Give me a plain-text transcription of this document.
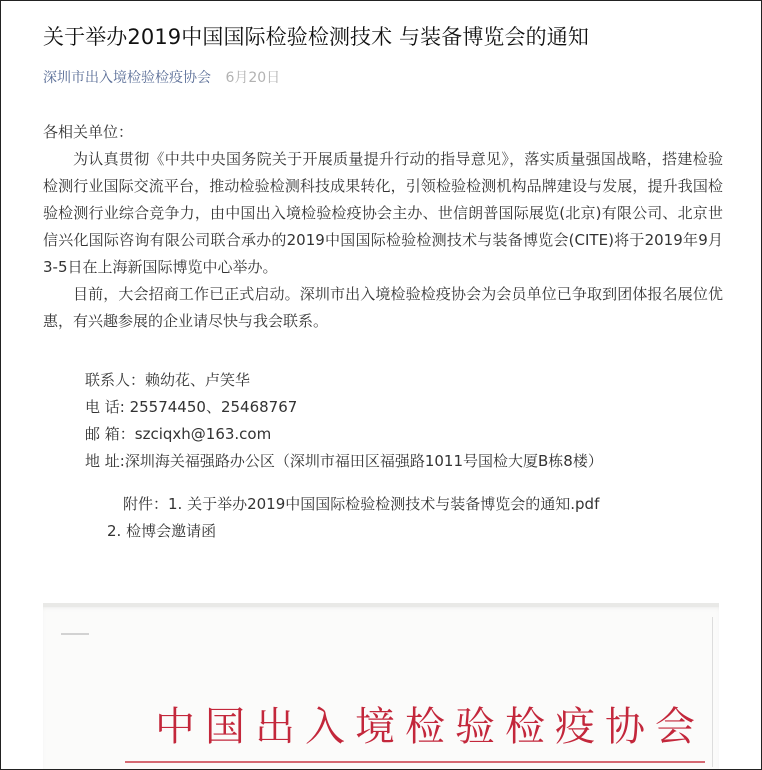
关于举办2019中国国际检验检测技术 与装备博览会的通知
深圳市出入境检验检疫协会 6月20日

各相关单位：

为认真贯彻《中共中央国务院关于开展质量提升行动的指导意见》，落实质量强国战略，搭建检验检测行业国际交流平台，推动检验检测科技成果转化，引领检验检测机构品牌建设与发展，提升我国检验检测行业综合竞争力，由中国出入境检验检疫协会主办、世信朗普国际展览(北京)有限公司、北京世信兴化国际咨询有限公司联合承办的2019中国国际检验检测技术与装备博览会(CITE)将于2019年9月3-5日在上海新国际博览中心举办。

目前，大会招商工作已正式启动。深圳市出入境检验检疫协会为会员单位已争取到团体报名展位优惠，有兴趣参展的企业请尽快与我会联系。

联系人：赖幼花、卢笑华

电 话: 25574450、25468767

邮 箱：szciqxh@163.com

地 址:深圳海关福强路办公区（深圳市福田区福强路1011号国检大厦B栋8楼）

附件：1. 关于举办2019中国国际检验检测技术与装备博览会的通知.pdf

2. 检博会邀请函

中国出入境检验检疫协会
